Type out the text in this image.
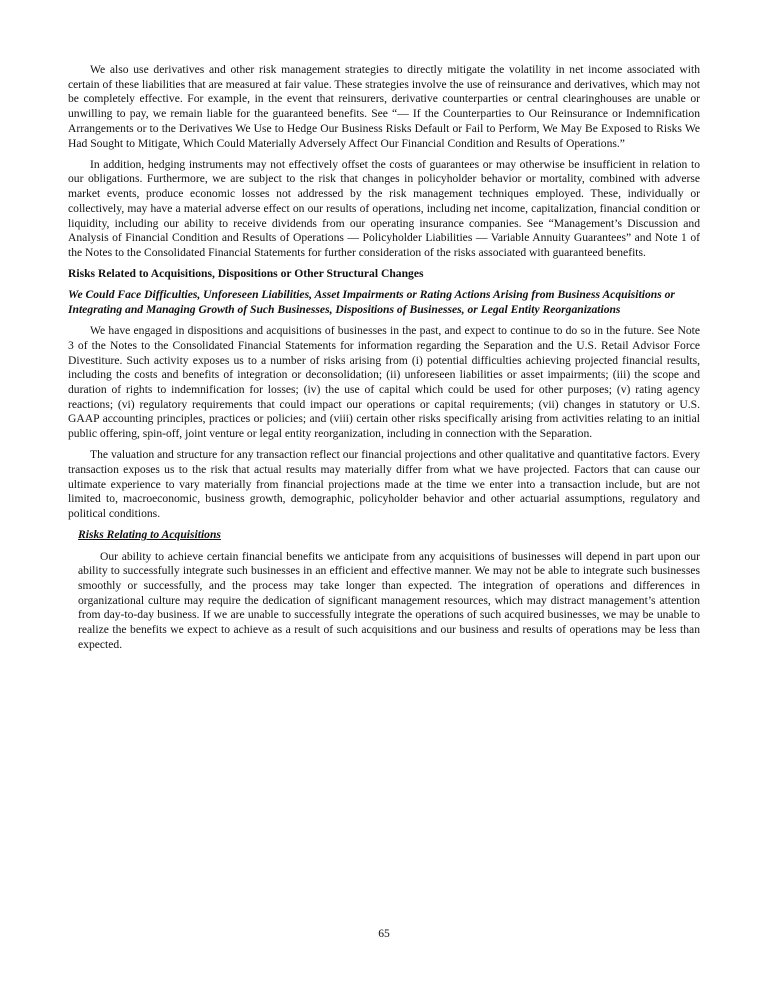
We also use derivatives and other risk management strategies to directly mitigate the volatility in net income associated with certain of these liabilities that are measured at fair value. These strategies involve the use of reinsurance and derivatives, which may not be completely effective. For example, in the event that reinsurers, derivative counterparties or central clearinghouses are unable or unwilling to pay, we remain liable for the guaranteed benefits. See “— If the Counterparties to Our Reinsurance or Indemnification Arrangements or to the Derivatives We Use to Hedge Our Business Risks Default or Fail to Perform, We May Be Exposed to Risks We Had Sought to Mitigate, Which Could Materially Adversely Affect Our Financial Condition and Results of Operations.”

In addition, hedging instruments may not effectively offset the costs of guarantees or may otherwise be insufficient in relation to our obligations. Furthermore, we are subject to the risk that changes in policyholder behavior or mortality, combined with adverse market events, produce economic losses not addressed by the risk management techniques employed. These, individually or collectively, may have a material adverse effect on our results of operations, including net income, capitalization, financial condition or liquidity, including our ability to receive dividends from our operating insurance companies. See “Management’s Discussion and Analysis of Financial Condition and Results of Operations — Policyholder Liabilities — Variable Annuity Guarantees” and Note 1 of the Notes to the Consolidated Financial Statements for further consideration of the risks associated with guaranteed benefits.

Risks Related to Acquisitions, Dispositions or Other Structural Changes
We Could Face Difficulties, Unforeseen Liabilities, Asset Impairments or Rating Actions Arising from Business Acquisitions or Integrating and Managing Growth of Such Businesses, Dispositions of Businesses, or Legal Entity Reorganizations

We have engaged in dispositions and acquisitions of businesses in the past, and expect to continue to do so in the future. See Note 3 of the Notes to the Consolidated Financial Statements for information regarding the Separation and the U.S. Retail Advisor Force Divestiture. Such activity exposes us to a number of risks arising from (i) potential difficulties achieving projected financial results, including the costs and benefits of integration or deconsolidation; (ii) unforeseen liabilities or asset impairments; (iii) the scope and duration of rights to indemnification for losses; (iv) the use of capital which could be used for other purposes; (v) rating agency reactions; (vi) regulatory requirements that could impact our operations or capital requirements; (vii) changes in statutory or U.S. GAAP accounting principles, practices or policies; and (viii) certain other risks specifically arising from activities relating to an initial public offering, spin-off, joint venture or legal entity reorganization, including in connection with the Separation.

The valuation and structure for any transaction reflect our financial projections and other qualitative and quantitative factors. Every transaction exposes us to the risk that actual results may materially differ from what we have projected. Factors that can cause our ultimate experience to vary materially from financial projections made at the time we enter into a transaction include, but are not limited to, macroeconomic, business growth, demographic, policyholder behavior and other actuarial assumptions, regulatory and political conditions.

Risks Relating to Acquisitions

Our ability to achieve certain financial benefits we anticipate from any acquisitions of businesses will depend in part upon our ability to successfully integrate such businesses in an efficient and effective manner. We may not be able to integrate such businesses smoothly or successfully, and the process may take longer than expected. The integration of operations and differences in organizational culture may require the dedication of significant management resources, which may distract management’s attention from day-to-day business. If we are unable to successfully integrate the operations of such acquired businesses, we may be unable to realize the benefits we expect to achieve as a result of such acquisitions and our business and results of operations may be less than expected.

65
